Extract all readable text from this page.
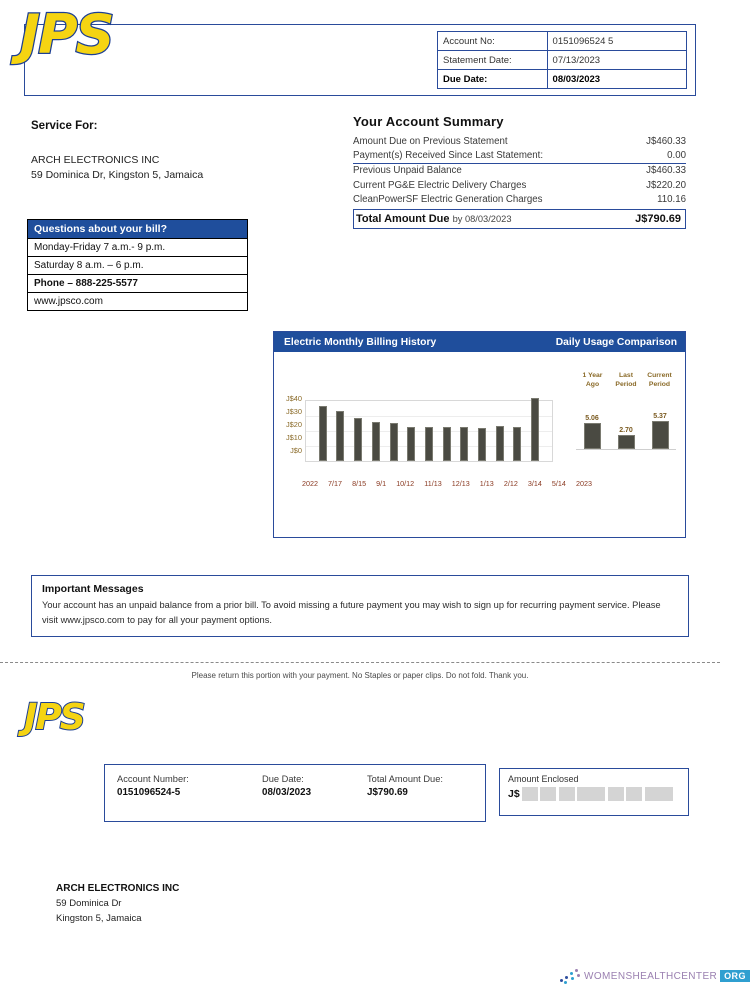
Account No:	0151096524 5
Statement Date:	07/13/2023
Due Date:	08/03/2023
JPS
Service For:
ARCH ELECTRONICS INC
59 Dominica Dr, Kingston 5, Jamaica
Questions about your bill?
Monday-Friday 7 a.m.- 9 p.m.
Saturday 8 a.m. – 6 p.m.
Phone – 888-225-5577
www.jpsco.com
Your Account Summary
Amount Due on Previous Statement	J$460.33
Payment(s) Received Since Last Statement:	0.00
Previous Unpaid Balance	J$460.33
Current PG&E Electric Delivery Charges	J$220.20
CleanPowerSF Electric Generation Charges	110.16
Total Amount Due by 08/03/2023	J$790.69
Electric Monthly Billing History	Daily Usage Comparison
J$40
J$30
J$20
J$10
J$0
2022 7/17 8/15 9/1 10/12 11/13 12/13 1/13 2/12 3/14 5/14 2023
1 Year	Last	Current
Ago	Period	Period
5.06
2.70
5.37
Important Messages
Your account has an unpaid balance from a prior bill. To avoid missing a future payment you may wish to sign up for recurring payment service. Please visit www.jpsco.com to pay for all your payment options.
Please return this portion with your payment. No Staples or paper clips. Do not fold. Thank you.
JPS
Account Number:
0151096524-5
Due Date:
08/03/2023
Total Amount Due:
J$790.69
Amount Enclosed
J$
ARCH ELECTRONICS INC
59 Dominica Dr
Kingston 5, Jamaica
WOMENSHEALTHCENTER ORG
